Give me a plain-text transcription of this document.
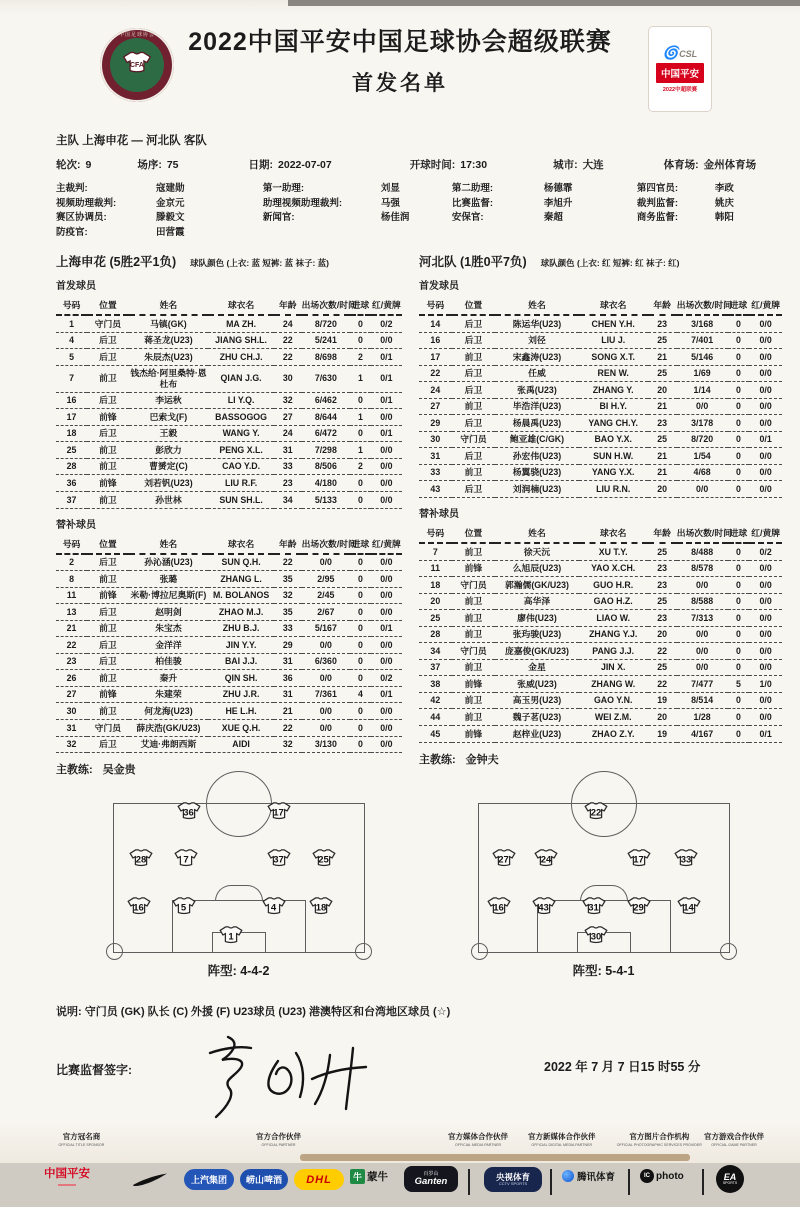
中国足球协会
CFA
2022中国平安中国足球协会超级联赛
首发名单
🌀CSL
中国平安
2022中超联赛
主队 上海申花 — 河北队 客队
轮次: 9	场序: 75	日期: 2022-07-07	开球时间: 17:30	城市: 大连	体育场: 金州体育场
主裁判:	寇建勋
视频助理裁判:	金京元
赛区协调员:	滕毅文
防疫官:	田营霞
第一助理:	刘显
助理视频助理裁判:	马强
新闻官:	杨佳润
第二助理:	杨德霏
比赛监督:	李旭升
安保官:	秦超
第四官员:	李政
裁判监督:	姚庆
商务监督:	韩阳
上海申花 (5胜2平1负) 球队颜色 (上衣: 蓝 短裤: 蓝 袜子: 蓝)
首发球员
号码	位置	姓名	球衣名	年龄	出场次数/时间	进球	红/黄牌
1	守门员	马镇(GK)	MA ZH.	24	8/720	0	0/2
4	后卫	蒋圣龙(U23)	JIANG SH.L.	22	5/241	0	0/0
5	后卫	朱辰杰(U23)	ZHU CH.J.	22	8/698	2	0/1
7	前卫	钱杰给·阿里桑特·恩杜布	QIAN J.G.	30	7/630	1	0/1
16	后卫	李运秋	LI Y.Q.	32	6/462	0	0/1
17	前锋	巴索戈(F)	BASSOGOG	27	8/644	1	0/0
18	后卫	王毅	WANG Y.	24	6/472	0	0/1
25	前卫	彭欣力	PENG X.L.	31	7/298	1	0/0
28	前卫	曹赟定(C)	CAO Y.D.	33	8/506	2	0/0
36	前锋	刘若钒(U23)	LIU R.F.	23	4/180	0	0/0
37	前卫	孙世林	SUN SH.L.	34	5/133	0	0/0
替补球员
号码	位置	姓名	球衣名	年龄	出场次数/时间	进球	红/黄牌
2	后卫	孙沁涵(U23)	SUN Q.H.	22	0/0	0	0/0
8	前卫	张璐	ZHANG L.	35	2/95	0	0/0
11	前锋	米勒·博拉尼奥斯(F)	M. BOLANOS	32	2/45	0	0/0
13	后卫	赵明剑	ZHAO M.J.	35	2/67	0	0/0
21	前卫	朱宝杰	ZHU B.J.	33	5/167	0	0/1
22	后卫	金洋洋	JIN Y.Y.	29	0/0	0	0/0
23	后卫	柏佳骏	BAI J.J.	31	6/360	0	0/0
26	前卫	秦升	QIN SH.	36	0/0	0	0/2
27	前锋	朱建荣	ZHU J.R.	31	7/361	4	0/1
30	前卫	何龙海(U23)	HE L.H.	21	0/0	0	0/0
31	守门员	薛庆浩(GK/U23)	XUE Q.H.	22	0/0	0	0/0
32	后卫	艾迪·弗朗西斯	AIDI	32	3/130	0	0/0
主教练: 吴金贵
河北队 (1胜0平7负) 球队颜色 (上衣: 红 短裤: 红 袜子: 红)
首发球员
号码	位置	姓名	球衣名	年龄	出场次数/时间	进球	红/黄牌
14	后卫	陈运华(U23)	CHEN Y.H.	23	3/168	0	0/0
16	后卫	刘径	LIU J.	25	7/401	0	0/0
17	前卫	宋鑫涛(U23)	SONG X.T.	21	5/146	0	0/0
22	后卫	任威	REN W.	25	1/69	0	0/0
24	后卫	张禹(U23)	ZHANG Y.	20	1/14	0	0/0
27	前卫	毕浩洋(U23)	BI H.Y.	21	0/0	0	0/0
29	后卫	杨晨禹(U23)	YANG CH.Y.	23	3/178	0	0/0
30	守门员	鲍亚雄(C/GK)	BAO Y.X.	25	8/720	0	0/1
31	后卫	孙宏伟(U23)	SUN H.W.	21	1/54	0	0/0
33	前卫	杨翼骁(U23)	YANG Y.X.	21	4/68	0	0/0
43	后卫	刘润楠(U23)	LIU R.N.	20	0/0	0	0/0
替补球员
号码	位置	姓名	球衣名	年龄	出场次数/时间	进球	红/黄牌
7	前卫	徐天沅	XU T.Y.	25	8/488	0	0/2
11	前锋	么旭辰(U23)	YAO X.CH.	23	8/578	0	0/0
18	守门员	郭瀚儒(GK/U23)	GUO H.R.	23	0/0	0	0/0
20	前卫	高华泽	GAO H.Z.	25	8/588	0	0/0
25	前卫	廖伟(U23)	LIAO W.	23	7/313	0	0/0
28	前卫	张玙骏(U23)	ZHANG Y.J.	20	0/0	0	0/0
34	守门员	庞嘉俊(GK/U23)	PANG J.J.	22	0/0	0	0/0
37	前卫	金星	JIN X.	25	0/0	0	0/0
38	前锋	张威(U23)	ZHANG W.	22	7/477	5	1/0
42	前卫	高玉男(U23)	GAO Y.N.	19	8/514	0	0/0
44	前卫	魏子茗(U23)	WEI Z.M.	20	1/28	0	0/0
45	前锋	赵梓业(U23)	ZHAO Z.Y.	19	4/167	0	0/1
主教练: 金钟夫
36	17
28	7	37	25
16	5	4	18
1
阵型: 4-4-2
22
27	24	17	33
16	43	31	29	14
30
阵型: 5-4-1
说明: 守门员 (GK) 队长 (C) 外援 (F) U23球员 (U23) 港澳特区和台湾地区球员 (☆)
比赛监督签字:	2022 年 7 月 7 日15 时55 分
官方冠名商
OFFICIAL TITLE SPONSOR
官方合作伙伴
OFFICIAL PARTNER
官方媒体合作伙伴
OFFICIAL MEDIA PARTNER
官方新媒体合作伙伴
OFFICIAL DIGITAL MEDIA PARTNER
官方图片合作机构
OFFICIAL PHOTOGRAPHIC SERVICES PROVIDER
官方游戏合作伙伴
OFFICIAL GAME PARTNER
中国平安	上汽集团	崂山啤酒	DHL	牛 蒙牛	百岁山
Ganten	央视体育
CCTV SPORTS
腾讯体育	IC photo	EA
SPORTS
